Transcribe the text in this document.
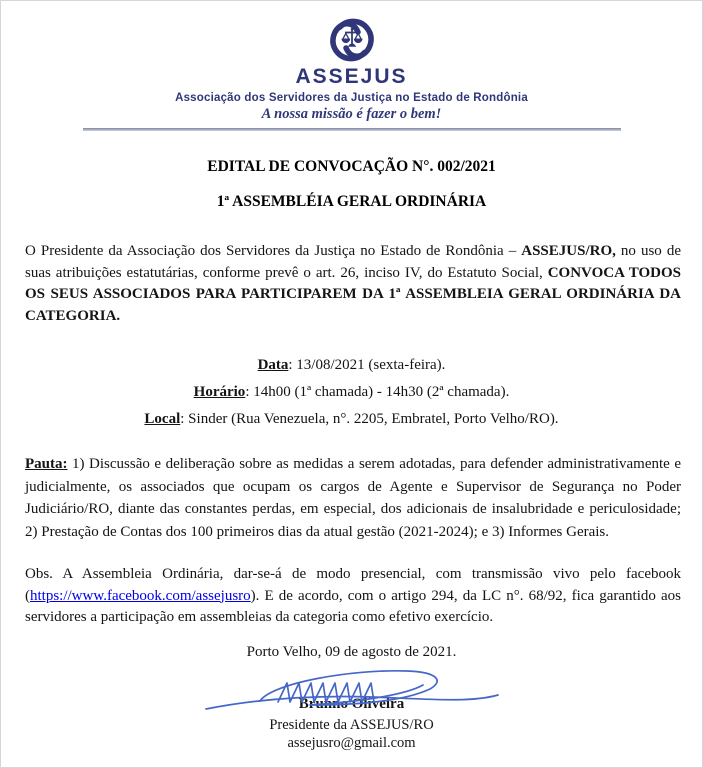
ASSEJUS
Associação dos Servidores da Justiça no Estado de Rondônia
A nossa missão é fazer o bem!
EDITAL DE CONVOCAÇÃO N°. 002/2021
1ª ASSEMBLÉIA GERAL ORDINÁRIA

O Presidente da Associação dos Servidores da Justiça no Estado de Rondônia – ASSEJUS/RO, no uso de suas atribuições estatutárias, conforme prevê o art. 26, inciso IV, do Estatuto Social, CONVOCA TODOS OS SEUS ASSOCIADOS PARA PARTICIPAREM DA 1ª ASSEMBLEIA GERAL ORDINÁRIA DA CATEGORIA.

Data: 13/08/2021 (sexta-feira).
Horário: 14h00 (1ª chamada) - 14h30 (2ª chamada).
Local: Sinder (Rua Venezuela, n°. 2205, Embratel, Porto Velho/RO).

Pauta: 1) Discussão e deliberação sobre as medidas a serem adotadas, para defender administrativamente e judicialmente, os associados que ocupam os cargos de Agente e Supervisor de Segurança no Poder Judiciário/RO, diante das constantes perdas, em especial, dos adicionais de insalubridade e periculosidade; 2) Prestação de Contas dos 100 primeiros dias da atual gestão (2021-2024); e 3) Informes Gerais.

Obs. A Assembleia Ordinária, dar-se-á de modo presencial, com transmissão vivo pelo facebook (https://www.facebook.com/assejusro). E de acordo, com o artigo 294, da LC n°. 68/92, fica garantido aos servidores a participação em assembleias da categoria como efetivo exercício.

Porto Velho, 09 de agosto de 2021.
Brunno Oliveira
Presidente da ASSEJUS/RO
assejusro@gmail.com
